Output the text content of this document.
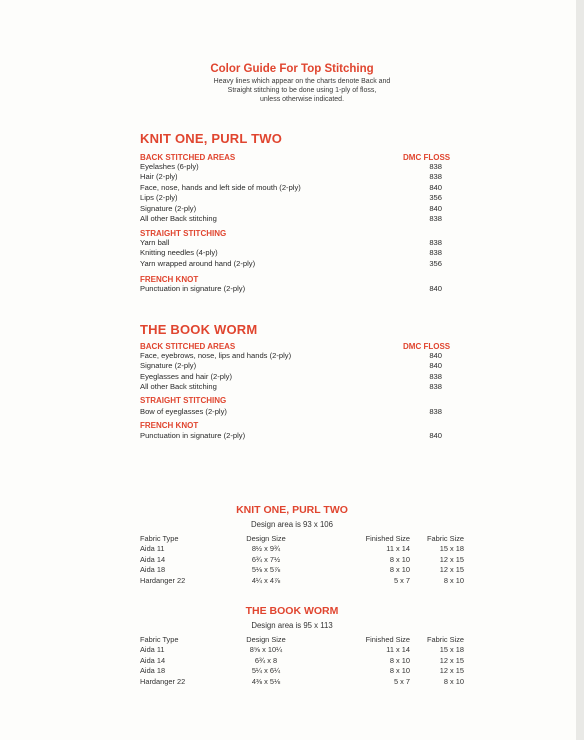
Color Guide For Top Stitching
Heavy lines which appear on the charts denote Back and
Straight stitching to be done using 1-ply of floss,
unless otherwise indicated.
KNIT ONE, PURL TWO
BACK STITCHED AREAS	DMC FLOSS
Eyelashes (6-ply)	838
Hair (2-ply)	838
Face, nose, hands and left side of mouth (2-ply)	840
Lips (2-ply)	356
Signature (2-ply)	840
All other Back stitching	838
STRAIGHT STITCHING
Yarn ball	838
Knitting needles (4-ply)	838
Yarn wrapped around hand (2-ply)	356
FRENCH KNOT
Punctuation in signature (2-ply)	840
THE BOOK WORM
BACK STITCHED AREAS	DMC FLOSS
Face, eyebrows, nose, lips and hands (2-ply)	840
Signature (2-ply)	840
Eyeglasses and hair (2-ply)	838
All other Back stitching	838
STRAIGHT STITCHING
Bow of eyeglasses (2-ply)	838
FRENCH KNOT
Punctuation in signature (2-ply)	840
KNIT ONE, PURL TWO
Design area is 93 x 106
Fabric Type	Design Size	Finished Size	Fabric Size
Aida 11	8½ x 9¾	11 x 14	15 x 18
Aida 14	6¾ x 7½	8 x 10	12 x 15
Aida 18	5⅛ x 5⅞	8 x 10	12 x 15
Hardanger 22	4¼ x 4⅞	5 x 7	8 x 10
THE BOOK WORM
Design area is 95 x 113
Fabric Type	Design Size	Finished Size	Fabric Size
Aida 11	8⅝ x 10¼	11 x 14	15 x 18
Aida 14	6¾ x 8	8 x 10	12 x 15
Aida 18	5¼ x 6¼	8 x 10	12 x 15
Hardanger 22	4⅜ x 5⅛	5 x 7	8 x 10
